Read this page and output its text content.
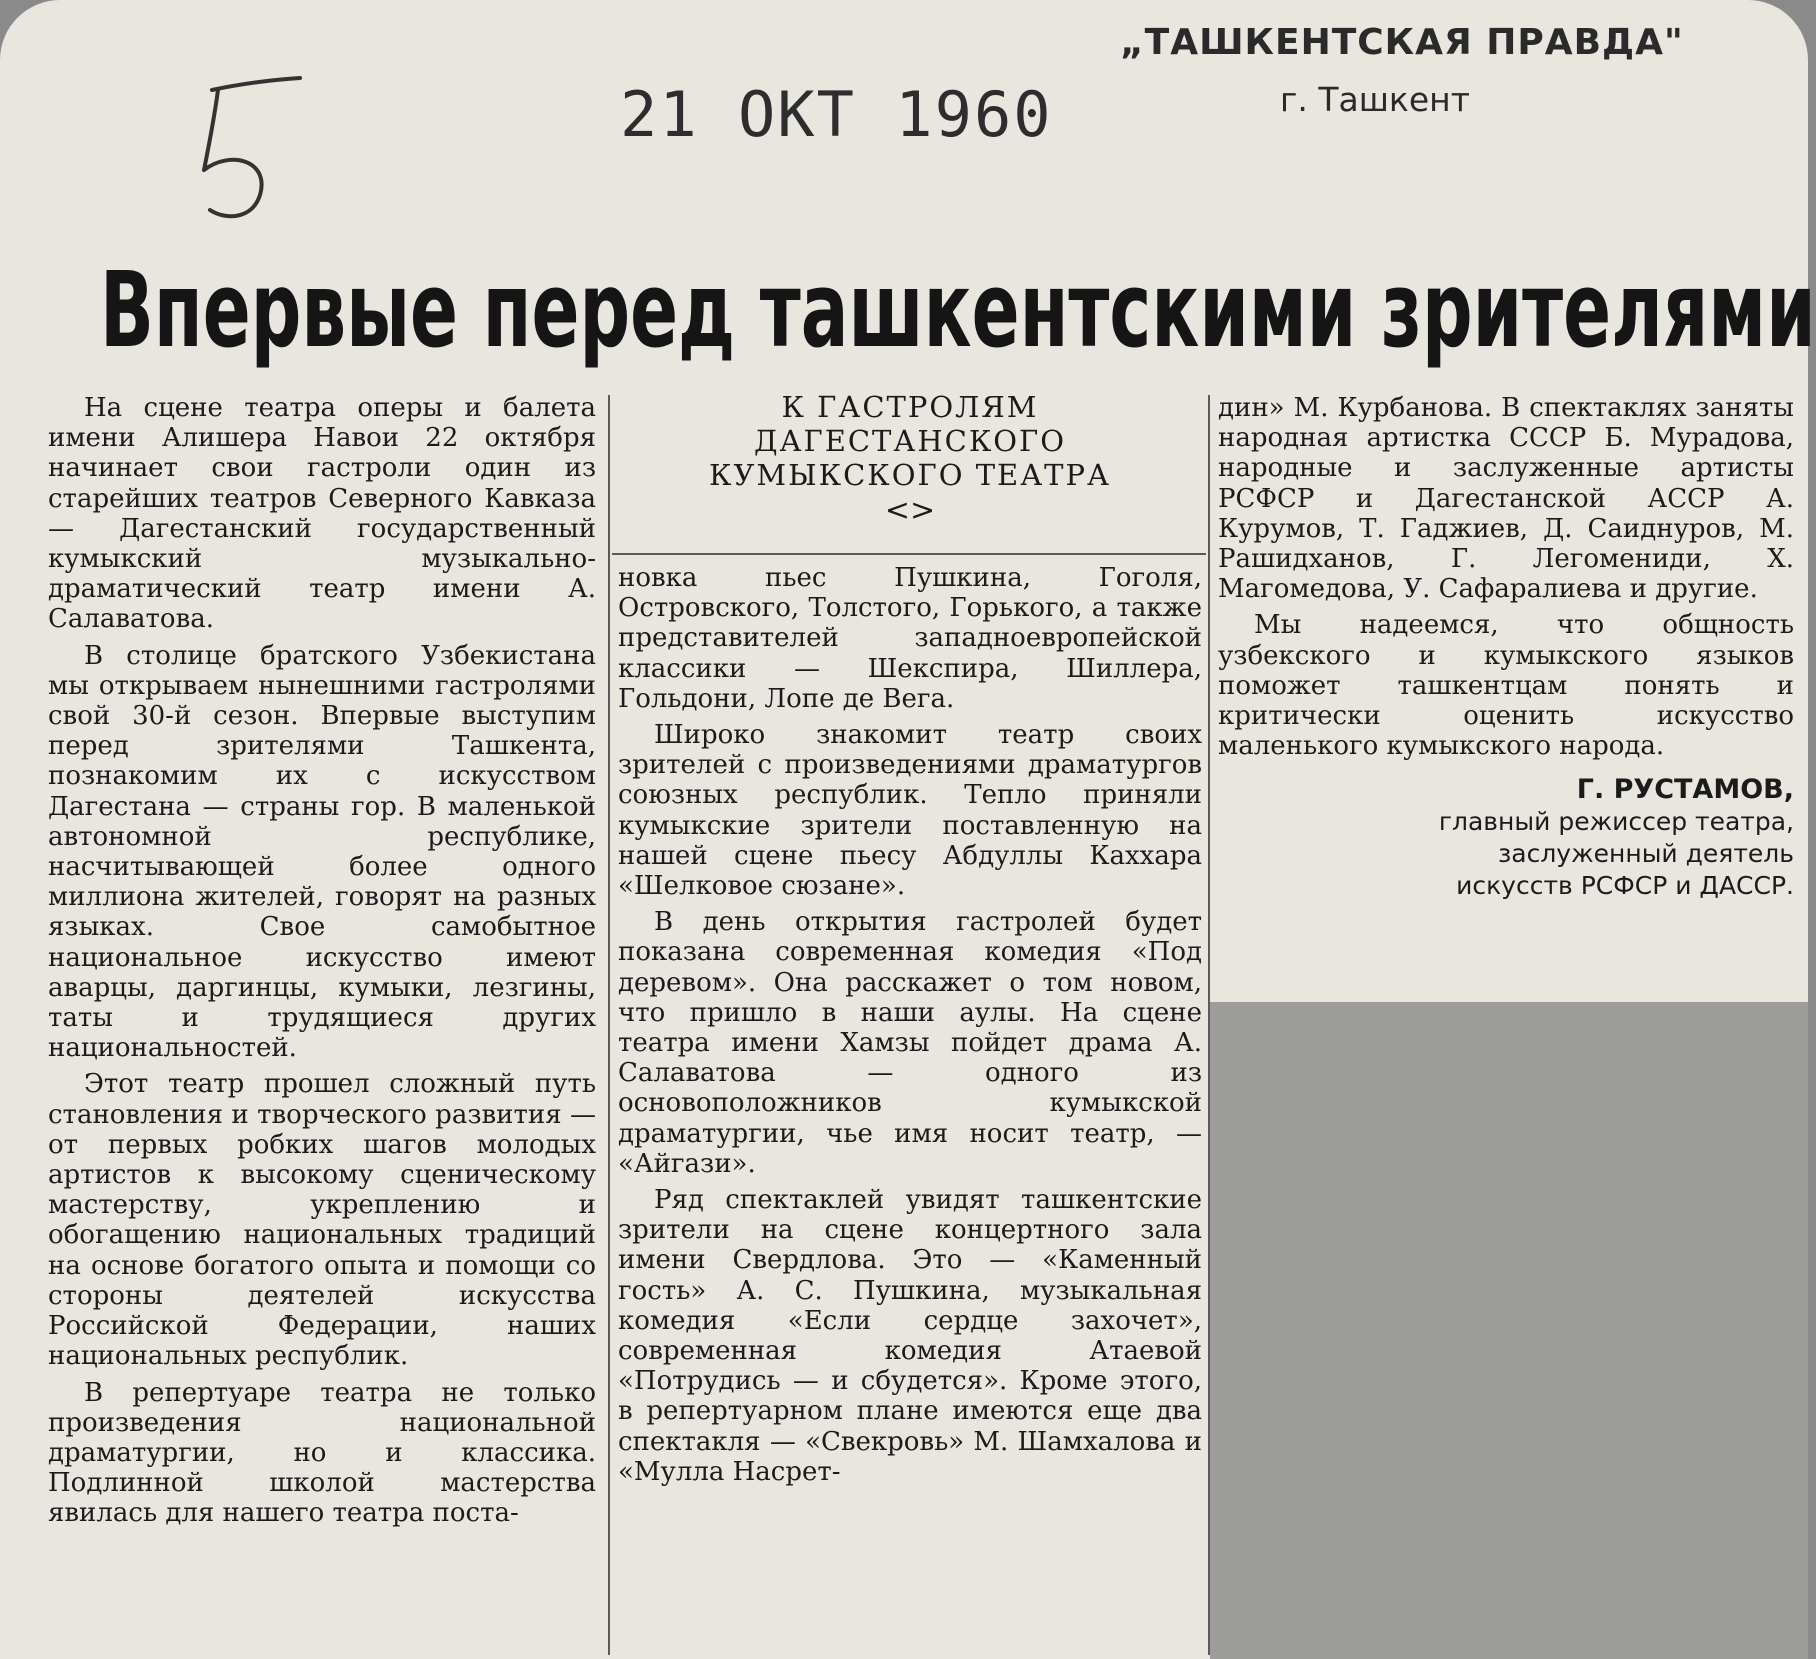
„ТАШКЕНТСКАЯ ПРАВДА"
г. Ташкент
21 ОКТ 1960
Впервые перед ташкентскими зрителями
К ГАСТРОЛЯМ
ДАГЕСТАНСКОГО
КУМЫКСКОГО ТЕАТРА
<>

На сцене театра оперы и балета имени Алишера Навои 22 октября начинает свои гастроли один из старейших театров Северного Кавказа — Дагестанский государственный кумыкский музыкально-драматический театр имени А. Салаватова.

В столице братского Узбекистана мы открываем нынешними гастролями свой 30-й сезон. Впервые выступим перед зрителями Ташкента, познакомим их с искусством Дагестана — страны гор. В маленькой автономной республике, насчитывающей более одного миллиона жителей, говорят на разных языках. Свое самобытное национальное искусство имеют аварцы, даргинцы, кумыки, лезгины, таты и трудящиеся других национальностей.

Этот театр прошел сложный путь становления и творческого развития — от первых робких шагов молодых артистов к высокому сценическому мастерству, укреплению и обогащению национальных традиций на основе богатого опыта и помощи со стороны деятелей искусства Российской Федерации, наших национальных республик.

В репертуаре театра не только произведения национальной драматургии, но и классика. Подлинной школой мастерства явилась для нашего театра поста-

новка пьес Пушкина, Гоголя, Островского, Толстого, Горького, а также представителей западноевропейской классики — Шекспира, Шиллера, Гольдони, Лопе де Вега.

Широко знакомит театр своих зрителей с произведениями драматургов союзных республик. Тепло приняли кумыкские зрители поставленную на нашей сцене пьесу Абдуллы Каххара «Шелковое сюзане».

В день открытия гастролей будет показана современная комедия «Под деревом». Она расскажет о том новом, что пришло в наши аулы. На сцене театра имени Хамзы пойдет драма А. Салаватова — одного из основоположников кумыкской драматургии, чье имя носит театр, — «Айгази».

Ряд спектаклей увидят ташкентские зрители на сцене концертного зала имени Свердлова. Это — «Каменный гость» А. С. Пушкина, музыкальная комедия «Если сердце захочет», современная комедия Атаевой «Потрудись — и сбудется». Кроме этого, в репертуарном плане имеются еще два спектакля — «Свекровь» М. Шамхалова и «Мулла Насрет-

дин» М. Курбанова. В спектаклях заняты народная артистка СССР Б. Мурадова, народные и заслуженные артисты РСФСР и Дагестанской АССР А. Курумов, Т. Гаджиев, Д. Саиднуров, М. Рашидханов, Г. Легомениди, Х. Магомедова, У. Сафаралиева и другие.

Мы надеемся, что общность узбекского и кумыкского языков поможет ташкентцам понять и критически оценить искусство маленького кумыкского народа.

Г. РУСТАМОВ,
главный режиссер театра,
заслуженный деятель
искусств РСФСР и ДАССР.
